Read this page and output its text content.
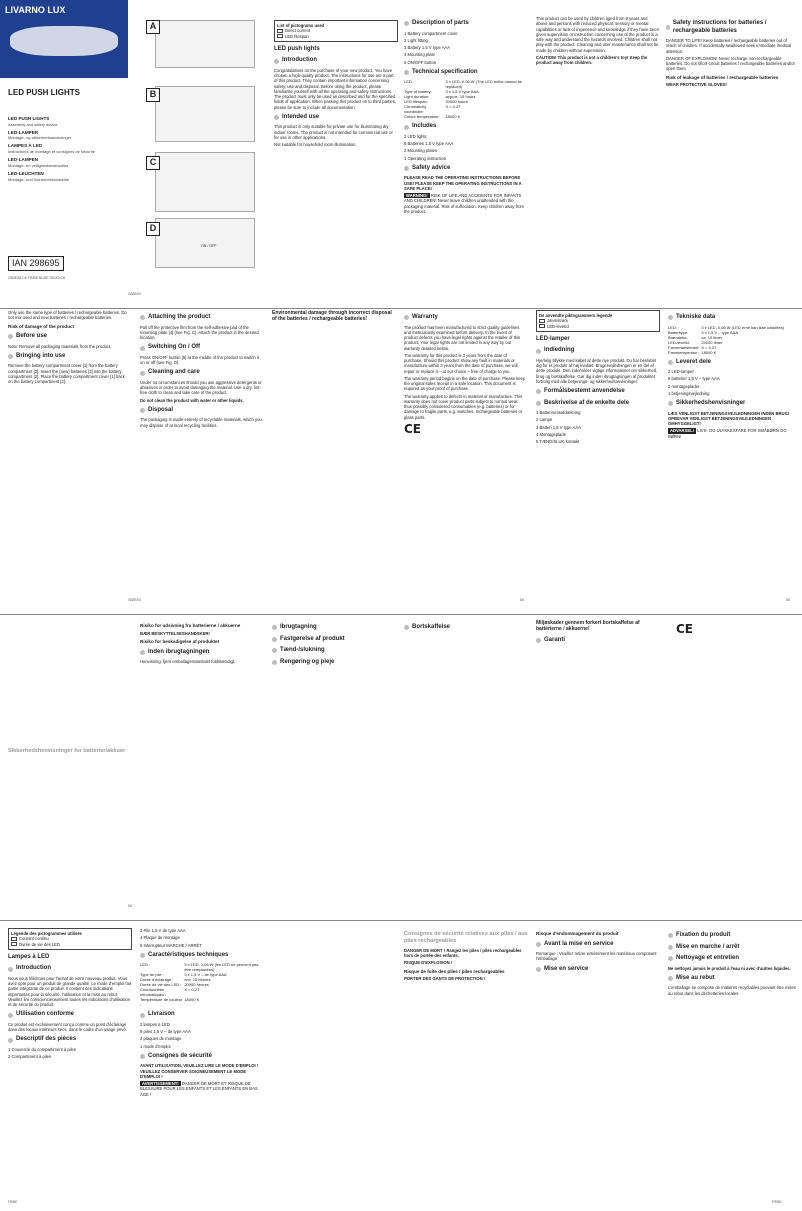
LIVARNO LUX
LED PUSH LIGHTS
LED PUSH LIGHTS
Assembly and safety advice
LED-LAMPER
Montage- og sikkerhedsanvisninger
LAMPES À LED
Instructions de montage et consignes de sécurité
LED-LAMPEN
Montage- en veiligheidsinstructies
LED-LEUCHTEN
Montage- und Sicherheitshinweise
IAN 298695
GB/IE/NI DK FR/BE NL/BE DE/AT/CH
A
B
C
D
ON / OFF
List of pictograms used
Direct current
LED filespan
LED push lights
Introduction

Congratulations on the purchase of your new product. You have chosen a high-quality product. The instructions for use are a part of this product. They contain important information concerning safety, use and disposal. Before using the product, please familiarise yourself with all the operating and safety instructions. The product must only be used as described and for the specified fields of application. When passing this product on to third parties, please be sure to include all documentation.

Intended use

This product is only suitable for private use for illuminating dry indoor rooms. The product is not intended for commercial use or for use in other applications.

Not suitable for household room illumination.

Description of parts

1 Battery compartment cover

2 Light fitting

3 Battery 1.5 V type AAA

4 Mounting plate

5 ON/OFF button

Technical specification
LED:	3 x LED, 0.06 W (The LED bulbs cannot be replaced)
Type of battery:	3 x 1.5 V type AAA
Light duration:	approx. 15 hours
LED lifespan:	20000 hours
Chromaticity coordinate:	X = 0.27
Colour temperature:	18000 K
Includes

2 LED lights

6 Batteries 1.5 V type AAA

2 Mounting plates

1 Operating instruction

Safety advice

PLEASE READ THE OPERATING INSTRUCTIONS BEFORE USE! PLEASE KEEP THE OPERATING INSTRUCTIONS IN A SAFE PLACE!

WARNING! RISK OF LIFE AND ACCIDENTS FOR INFANTS AND CHILDREN! Never leave children unattended with the packaging material. Risk of suffocation. Keep children away from the product.

This product can be used by children aged from 8 years and above and persons with reduced physical, sensory or mental capabilities or lack of experience and knowledge if they have been given supervision or instruction concerning use of the product in a safe way and understand the hazards involved. Children shall not play with the product. Cleaning and user maintenance shall not be made by children without supervision.

CAUTION! This product is not a children's toy! Keep the product away from children.

Safety instructions for batteries / rechargeable batteries

DANGER TO LIFE! Keep batteries / rechargeable batteries out of reach of children. If accidentally swallowed seek immediate medical attention.

DANGER OF EXPLOSION! Never recharge non-rechargeable batteries. Do not short-circuit batteries / rechargeable batteries and/or open them.

Risk of leakage of batteries / rechargeable batteries

WEAR PROTECTIVE GLOVES!

GB/IE/NI

Only use the same type of batteries / rechargeable batteries. Do not mix used and new batteries / rechargeable batteries.

Risk of damage of the product
Before use

Note: Remove all packaging materials from the product.

Bringing into use

Remove the battery compartment cover [1] from the battery compartment [2]. Insert the (new) batteries [3] into the battery compartment [2]. Place the battery compartment cover [1] back on the battery compartment [2].

Attaching the product

Pull off the protective film from the self-adhesive pad of the mounting plate [4] (see Fig. C). Attach the product in the desired location.

Switching On / Off

Press ON/OFF button [5] at the middle of the product to switch it on or off (see Fig. D).

Cleaning and care

Under no circumstances should you use aggressive detergents or abrasives in order to avoid damaging the material. Use a dry, lint-free cloth to clean and take care of the product.

Do not clean the product with water or other liquids.

Disposal

The packaging is made entirely of recyclable materials, which you may dispose of at local recycling facilities.

Environmental damage through incorrect disposal of the batteries / rechargeable batteries!	Warranty

The product has been manufactured to strict quality guidelines and meticulously examined before delivery. In the event of product defects you have legal rights against the retailer of this product. Your legal rights are not limited in any way by our warranty detailed below.

The warranty for this product is 3 years from the date of purchase. Should this product show any fault in materials or manufacture within 3 years from the date of purchase, we will repair or replace it – at our choice – free of charge to you.

The warranty period begins on the date of purchase. Please keep the original sales receipt in a safe location. This document is required as your proof of purchase.

The warranty applies to defects in material or manufacture. This warranty does not cover product parts subject to normal wear, thus possibly considered consumables (e.g. batteries) or for damage to fragile parts, e.g. switches, rechargeable batteries or glass parts.

CE
De anvendte piktogrammers legende
Jævnstrøm
LED-levetid
LED-lamper
Indledning

Hjertelig tillykke med købet af dette nye produkt. Du har besluttet dig for et produkt af høj kvalitet. Brugervejledningen er en del af dette produkt. Den indeholder vigtige informationer om sikkerhed, brug og bortskaffelse. Gør dig inden ibrugtagningen af produktet fortrolig med alle betjenings- og sikkerhedsanvisninger.

Formålsbestemt anvendelse
Beskrivelse af de enkelte dele

1 Batterirumsafdækning

2 Lampe

3 Batteri 1,5 V type AAA

4 Montageplade

5 TÆND/SLUK-kontakt

Tekniske data
LED:	3 x LED, 0,06 W (LED´erne kan ikke udskiftes)
Batteritype:	3 x 1,5 V – type AAA
Brændetid:	ca. 15 timer
LED-levetid:	20000 timer
Farvemønsterdel:	X = 0,27
Farvetemperatur:	18000 K
Leveret dele

2 LED-lamper

6 batterier 1,5 V – type AAA

2 montageplader

1 betjeningsvejledning

Sikkerhedshenvisninger

LÆS VENLIGST BETJENINGSVEJLEDNINGEN INDEN BRUG! OPBEVAR VENLIGST BETJENINGSVEJLEDNINGEN OMHYGGELIGT!

ADVARSEL! LIVS- OG ULYKKESFARE FOR SMÅBØRN OG BØRN!

GB/IE/NI	DK	DK
Sikkerhedshenvisninger for batterier/akkuer
Risiko for udsivning fra batterierne / akkuerne

BÆR BESKYTTELSESHANDSKER!

Risiko for beskadigelse af produktet
Inden ibrugtagningen

Henvisning: fjern emballagematerialet fuldstændigt.

Ibrugtagning
Fastgørelse af produkt
Tænd-/slukning
Rengøring og pleje
Bortskaffelse

Miljøskader gennem forkert bortskaffelse af batterierne / akkuerne!

Garanti
CE
DK
Légende des pictogrammes utilisés
Courant continu
Durée de vie des LED
Lampes à LED
Introduction

Nous vous félicitons pour l'achat de votre nouveau produit. Vous avez opté pour un produit de grande qualité. Le mode d'emploi fait partie intégrante de ce produit. Il contient des indications importantes pour la sécurité, l'utilisation et la mise au rebut. Veuillez lire consciencieusement toutes les indications d'utilisation et de sécurité du produit.

Utilisation conforme

Ce produit est exclusivement conçu comme un point d'éclairage dans des locaux intérieurs secs, dans le cadre d'un usage privé.

Descriptif des pièces

1 Couvercle du compartiment à piles

2 Compartiment à piles

3 Pile 1,5 V de type AAA

4 Plaque de montage

5 Interrupteur MARCHE / ARRÊT

Caractéristiques techniques
LED :	3 x LED, 0,06 W (les LED ne peuvent pas être remplacées)
Type de pile :	3 x 1,5 V – de type AAA
Durée d'éclairage :	env. 15 heures
Durée de vie des LED :	20000 heures
Coordonnées chromatiques :	X = 0,27
Température de couleur :	18000 K
Livraison

2 lampes à LED

6 piles 1,5 V – de type AAA

2 plaques de montage

1 mode d'emploi

Consignes de sécurité

AVANT UTILISATION, VEUILLEZ LIRE LE MODE D'EMPLOI ! VEUILLEZ CONSERVER SOIGNEUSEMENT LE MODE D'EMPLOI !

AVERTISSEMENT! DANGER DE MORT ET RISQUE DE BLESSURE POUR LES ENFANTS ET LES ENFANTS EN BAS ÂGE !

Consignes de sécurité relatives aux piles / aux piles rechargeables

DANGER DE MORT ! Rangez les piles / piles rechargeables hors de portée des enfants.

RISQUE D'EXPLOSION !

Risque de fuite des piles / piles rechargeables

PORTER DES GANTS DE PROTECTION !

Risque d'endommagement du produit
Avant la mise en service

Remarque : Veuillez retirer entièrement les matériaux composant l'emballage.

Mise en service
Fixation du produit
Mise en marche / arrêt
Nettoyage et entretien

Ne nettoyez jamais le produit à l'eau ni avec d'autres liquides.

Mise au rebut

L'emballage se compose de matières recyclables pouvant être mises au rebut dans les déchetteries locales.

FR/BE	FR/BE
